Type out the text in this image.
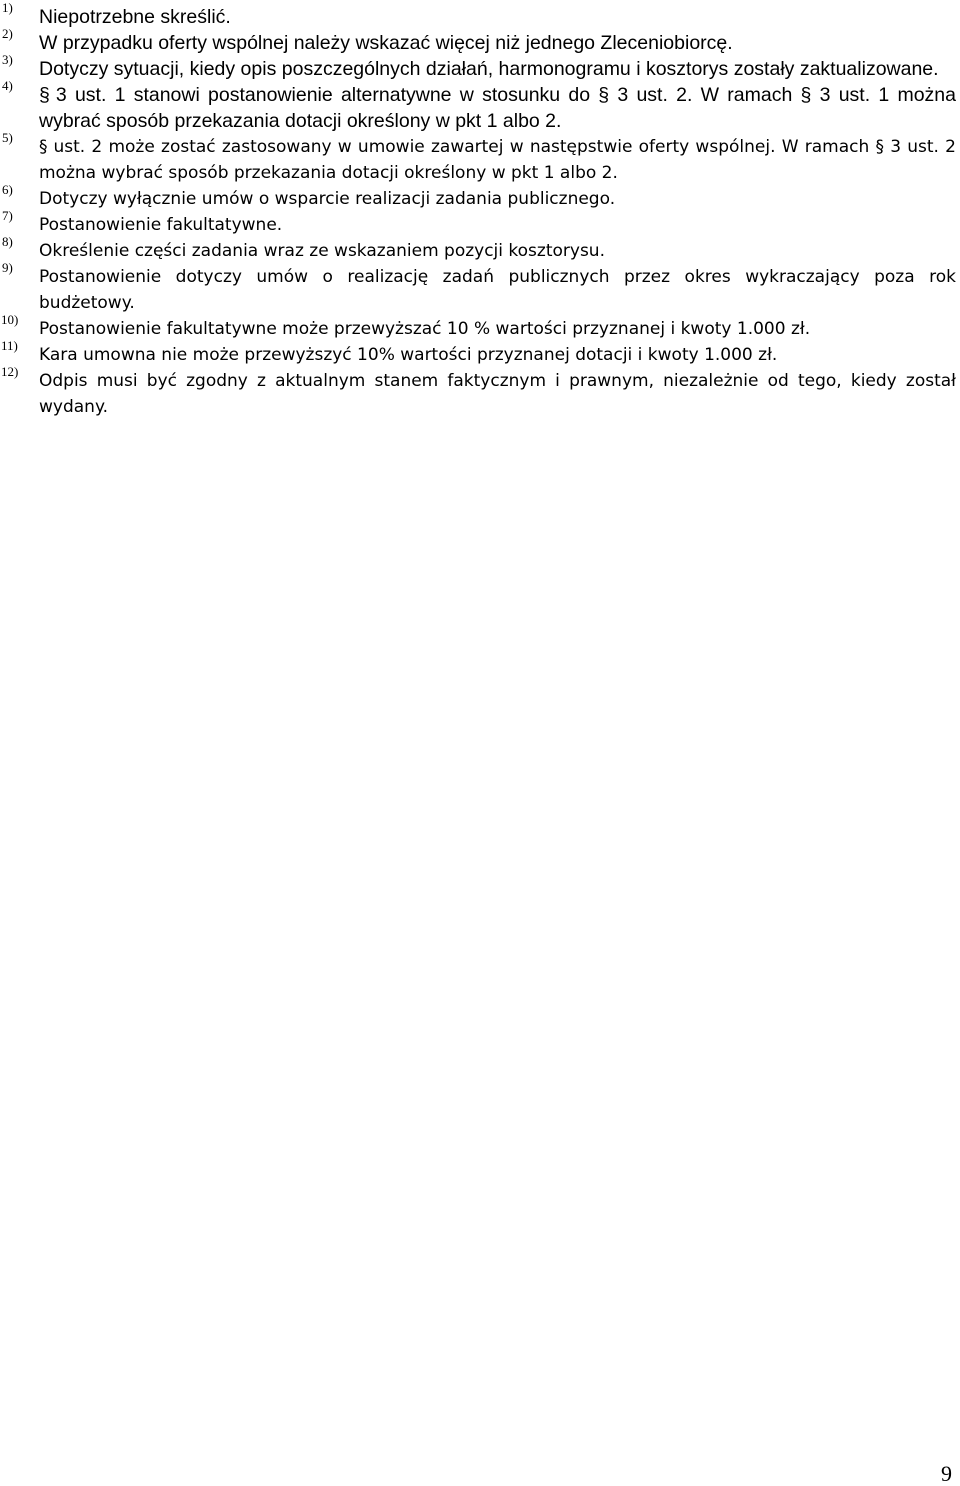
1) Niepotrzebne skreślić.
2) W przypadku oferty wspólnej należy wskazać więcej niż jednego Zleceniobiorcę.
3) Dotyczy sytuacji, kiedy opis poszczególnych działań, harmonogramu i kosztorys zostały zaktualizowane.
4) § 3 ust. 1 stanowi postanowienie alternatywne w stosunku do § 3 ust. 2. W ramach § 3 ust. 1 można wybrać sposób przekazania dotacji określony w pkt 1 albo 2.
5) § ust. 2 może zostać zastosowany w umowie zawartej w następstwie oferty wspólnej. W ramach § 3 ust. 2 można wybrać sposób przekazania dotacji określony w pkt 1 albo 2.
6) Dotyczy wyłącznie umów o wsparcie realizacji zadania publicznego.
7) Postanowienie fakultatywne.
8) Określenie części zadania wraz ze wskazaniem pozycji kosztorysu.
9) Postanowienie dotyczy umów o realizację zadań publicznych przez okres wykraczający poza rok budżetowy.
10) Postanowienie fakultatywne może przewyższać 10 % wartości przyznanej i kwoty 1.000 zł.
11) Kara umowna nie może przewyższyć 10% wartości przyznanej dotacji i kwoty 1.000 zł.
12) Odpis musi być zgodny z aktualnym stanem faktycznym i prawnym, niezależnie od tego, kiedy został wydany.
9
